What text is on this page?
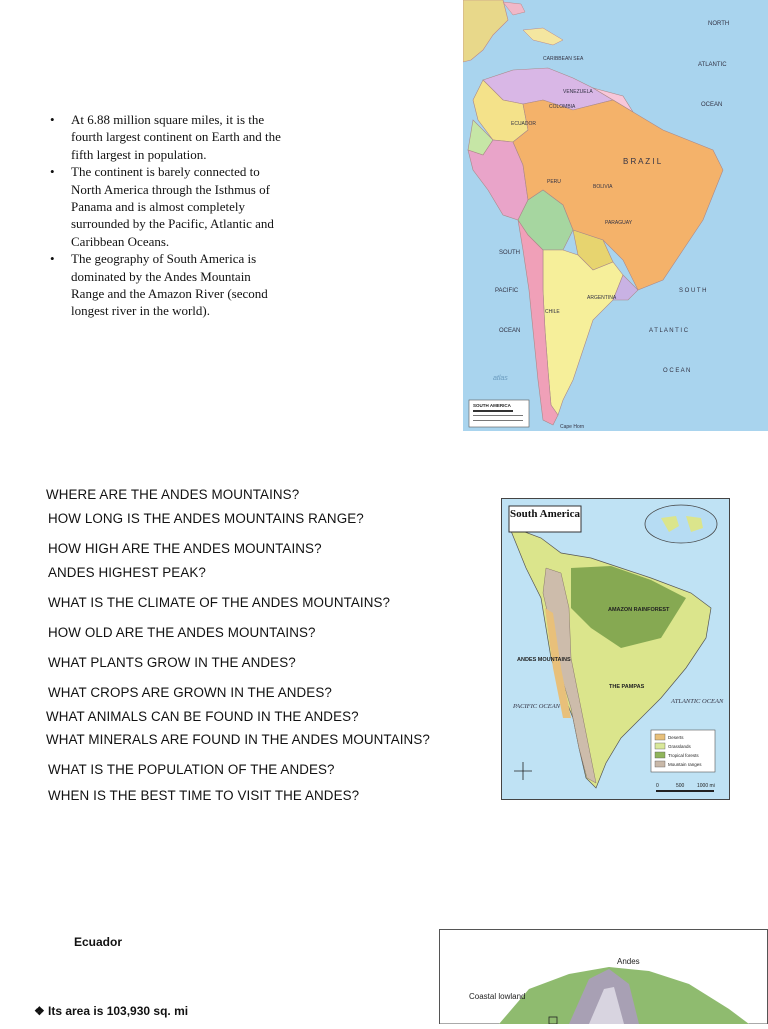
• At 6.88 million square miles, it is the
fourth largest continent on Earth and the
fifth largest in population.
• The continent is barely connected to
North America through the Isthmus of
Panama and is almost completely
surrounded by the Pacific, Atlantic and
Caribbean Oceans.
• The geography of South America is
dominated by the Andes Mountain
Range and the Amazon River (second
longest river in the world).
NORTH
ATLANTIC
OCEAN
SOUTH
PACIFIC
OCEAN
S O U T H
A T L A N T I C
O C E A N
CARIBBEAN SEA
VENEZUELA
COLOMBIA
ECUADOR
PERU
B R A Z I L
BOLIVIA
PARAGUAY
CHILE
ARGENTINA
Cape Horn
atlas
SOUTH AMERICA
WHERE ARE THE ANDES MOUNTAINS?
HOW LONG IS THE ANDES MOUNTAINS RANGE?
HOW HIGH ARE THE ANDES MOUNTAINS?
ANDES HIGHEST PEAK?
WHAT IS THE CLIMATE OF THE ANDES MOUNTAINS?
HOW OLD ARE THE ANDES MOUNTAINS?
WHAT PLANTS GROW IN THE ANDES?
WHAT CROPS ARE GROWN IN THE ANDES?
WHAT ANIMALS CAN BE FOUND IN THE ANDES?
WHAT MINERALS ARE FOUND IN THE ANDES MOUNTAINS?
WHAT IS THE POPULATION OF THE ANDES?
WHEN IS THE BEST TIME TO VISIT THE ANDES?
South America
AMAZON RAINFOREST
ANDES MOUNTAINS
THE PAMPAS
PACIFIC OCEAN
ATLANTIC OCEAN
Deserts
Grasslands
Tropical forests
Mountain ranges
0	500	1000 mi
Ecuador
❖ Its area is 103,930 sq. mi
Andes
Coastal lowland
